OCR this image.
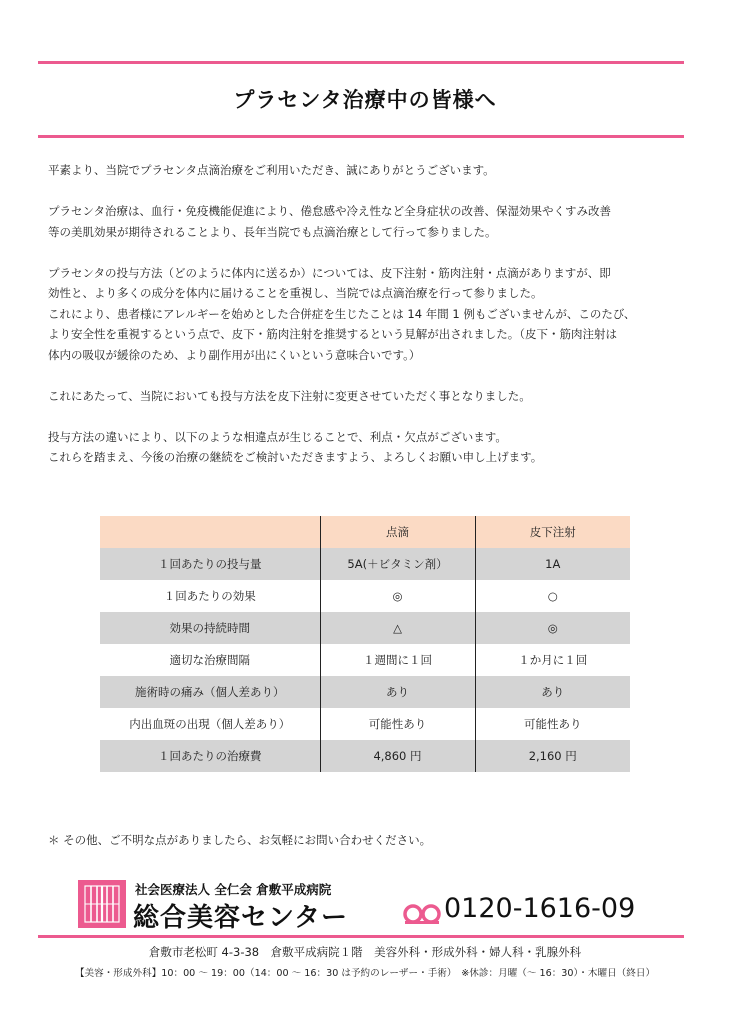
プラセンタ治療中の皆様へ

平素より、当院でプラセンタ点滴治療をご利用いただき、誠にありがとうございます。

プラセンタ治療は、血行・免疫機能促進により、倦怠感や冷え性など全身症状の改善、保湿効果やくすみ改善
等の美肌効果が期待されることより、長年当院でも点滴治療として行って参りました。

プラセンタの投与方法（どのように体内に送るか）については、皮下注射・筋肉注射・点滴がありますが、即
効性と、より多くの成分を体内に届けることを重視し、当院では点滴治療を行って参りました。
これにより、患者様にアレルギーを始めとした合併症を生じたことは 14 年間 1 例もございませんが、このたび、
より安全性を重視するという点で、皮下・筋肉注射を推奨するという見解が出されました。（皮下・筋肉注射は
体内の吸収が緩徐のため、より副作用が出にくいという意味合いです。）

これにあたって、当院においても投与方法を皮下注射に変更させていただく事となりました。

投与方法の違いにより、以下のような相違点が生じることで、利点・欠点がございます。
これらを踏まえ、今後の治療の継続をご検討いただきますよう、よろしくお願い申し上げます。

	点滴	皮下注射
１回あたりの投与量	5A(＋ビタミン剤）	1A
１回あたりの効果	◎	○
効果の持続時間	△	◎
適切な治療間隔	１週間に１回	１か月に１回
施術時の痛み（個人差あり）	あり	あり
内出血斑の出現（個人差あり）	可能性あり	可能性あり
１回あたりの治療費	4,860 円	2,160 円
＊ その他、ご不明な点がありましたら、お気軽にお問い合わせください。
社会医療法人 全仁会 倉敷平成病院
総合美容センター	0120-1616-09
倉敷市老松町 4-3-38　倉敷平成病院１階　美容外科・形成外科・婦人科・乳腺外科
【美容・形成外科】10：00 ～ 19：00（14：00 ～ 16：30 は予約のレーザー・手術）　※休診：月曜（～ 16：30）・木曜日（終日）
